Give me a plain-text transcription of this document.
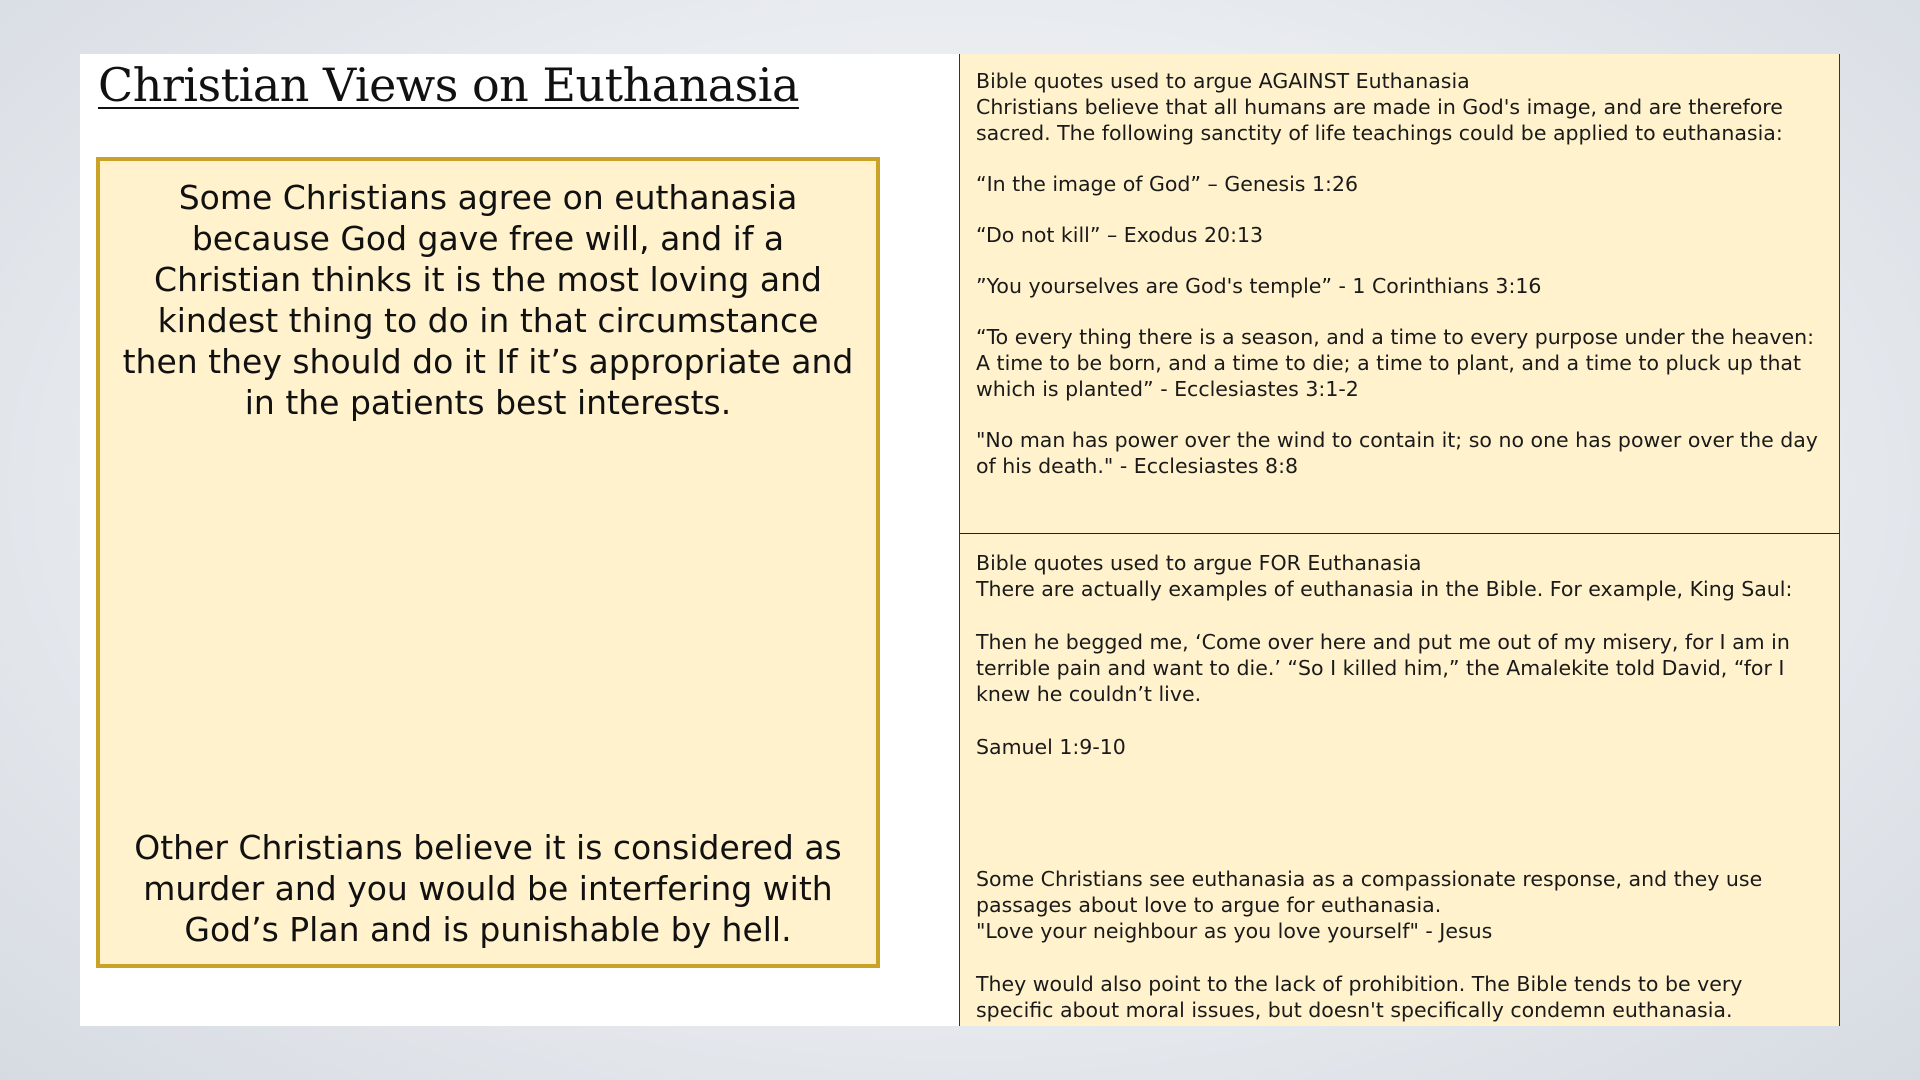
Christian Views on Euthanasia
Some Christians agree on euthanasia because God gave free will, and if a Christian thinks it is the most loving and kindest thing to do in that circumstance then they should do it If it’s appropriate and in the patients best interests.
Other Christians believe it is considered as murder and you would be interfering with God’s Plan and is punishable by hell.

Bible quotes used to argue AGAINST Euthanasia

Christians believe that all humans are made in God's image, and are therefore sacred. The following sanctity of life teachings could be applied to euthanasia:

“In the image of God” – Genesis 1:26

“Do not kill” – Exodus 20:13

”You yourselves are God's temple” - 1 Corinthians 3:16

“To every thing there is a season, and a time to every purpose under the heaven: A time to be born, and a time to die; a time to plant, and a time to pluck up that which is planted” - Ecclesiastes 3:1-2

"No man has power over the wind to contain it; so no one has power over the day of his death." - Ecclesiastes 8:8

Bible quotes used to argue FOR Euthanasia

There are actually examples of euthanasia in the Bible. For example, King Saul:

Then he begged me, ‘Come over here and put me out of my misery, for I am in terrible pain and want to die.’ “So I killed him,” the Amalekite told David, “for I knew he couldn’t live.

Samuel 1:9-10

Some Christians see euthanasia as a compassionate response, and they use passages about love to argue for euthanasia.

"Love your neighbour as you love yourself" - Jesus

They would also point to the lack of prohibition. The Bible tends to be very specific about moral issues, but doesn't specifically condemn euthanasia.
